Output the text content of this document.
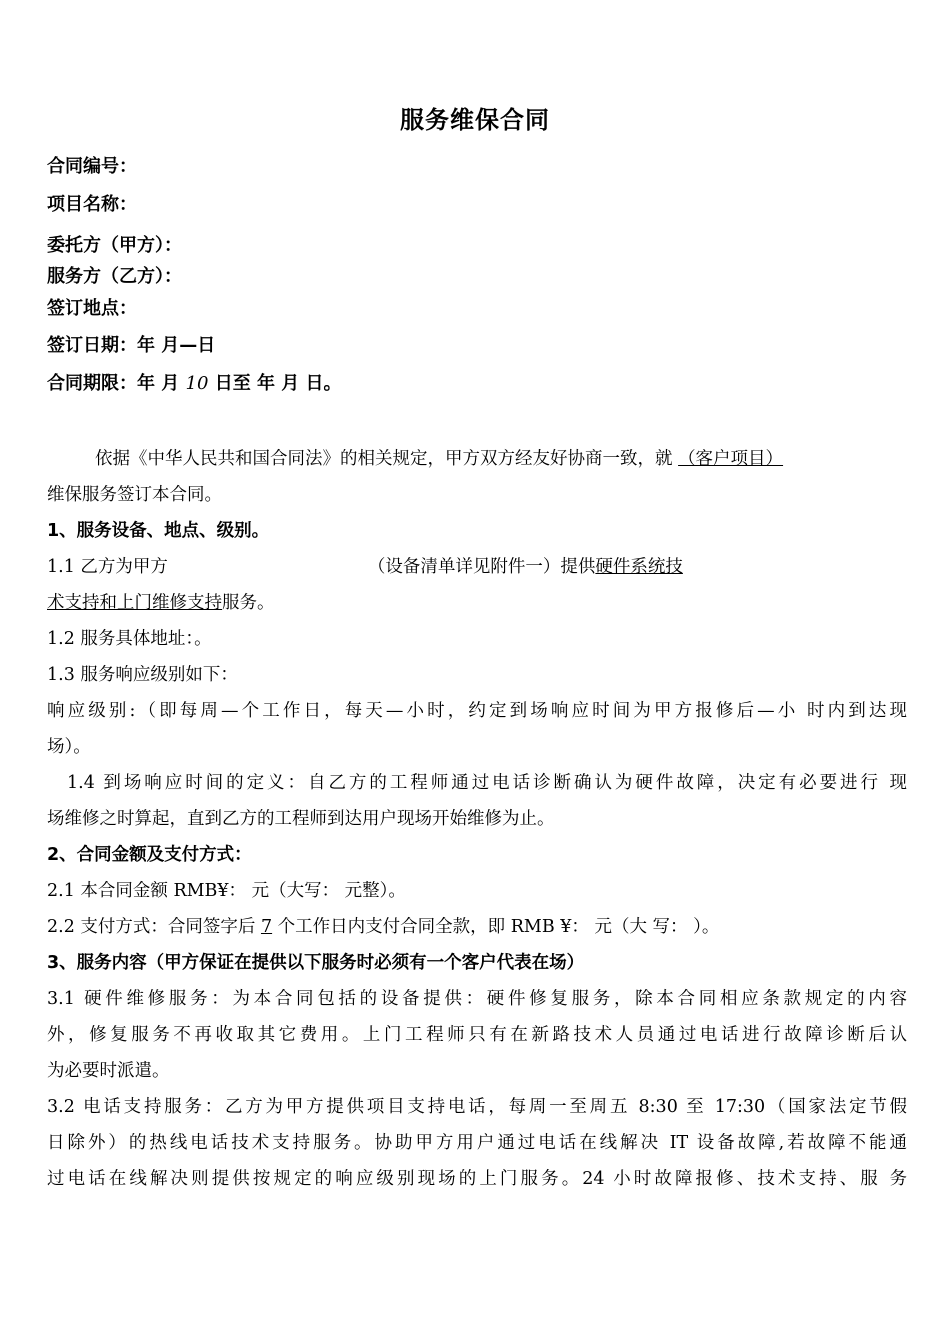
服务维保合同
合同编号：
项目名称：
委托方（甲方）：
服务方（乙方）：
签订地点：
签订日期：年 月—日
合同期限：年 月 10 日至 年 月 日。
依据《中华人民共和国合同法》的相关规定，甲方双方经友好协商一致，就 （客户项目）
维保服务签订本合同。
1、服务设备、地点、级别。
1.1 乙方为甲方	（设备清单详见附件一）提供硬件系统技
术支持和上门维修支持服务。
1.2 服务具体地址：。
1.3 服务响应级别如下：
响应级别:（即每周—个工作日，每天—小时，约定到场响应时间为甲方报修后—小 时内到达现
场）。
1.4 到场响应时间的定义：自乙方的工程师通过电话诊断确认为硬件故障，决定有必要进行 现
场维修之时算起，直到乙方的工程师到达用户现场开始维修为止。
2、合同金额及支付方式：
2.1 本合同金额 RMB¥： 元（大写： 元整）。
2.2 支付方式：合同签字后 7 个工作日内支付合同全款，即 RMB ¥： 元（大 写： ）。
3、服务内容（甲方保证在提供以下服务时必须有一个客户代表在场）
3.1 硬件维修服务：为本合同包括的设备提供：硬件修复服务，除本合同相应条款规定的内容
外，修复服务不再收取其它费用。上门工程师只有在新路技术人员通过电话进行故障诊断后认
为必要时派遣。
3.2 电话支持服务：乙方为甲方提供项目支持电话，每周一至周五 8:30 至 17:30（国家法定节假
日除外）的热线电话技术支持服务。协助甲方用户通过电话在线解决 IT 设备故障,若故障不能通
过电话在线解决则提供按规定的响应级别现场的上门服务。24 小时故障报修、技术支持、服 务
